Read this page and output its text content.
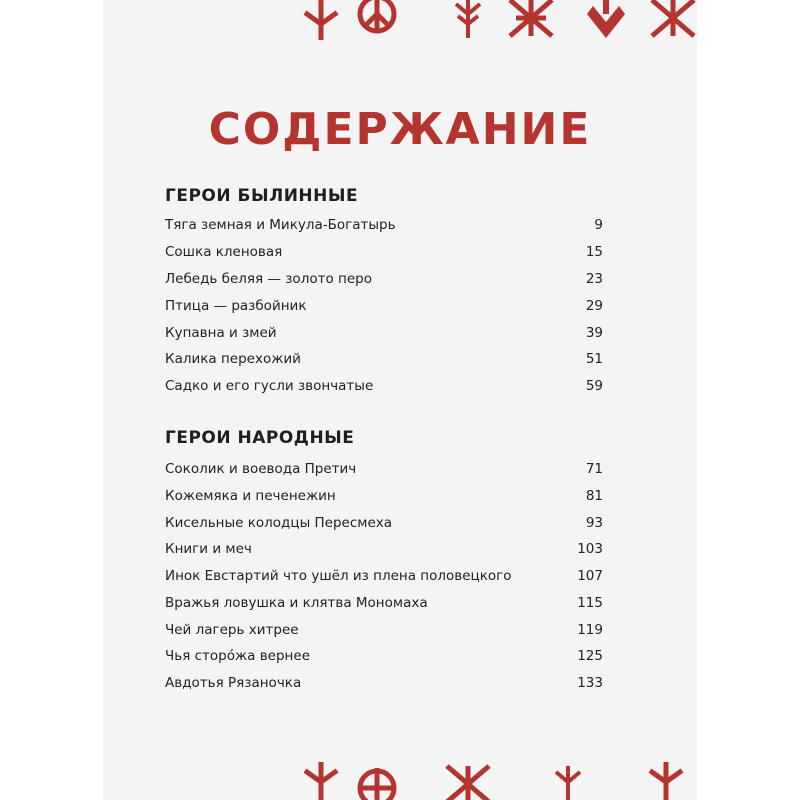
СОДЕРЖАНИЕ
ГЕРОИ БЫЛИННЫЕ
Тяга земная и Микула-Богатырь	9
Сошка кленовая	15
Лебедь беляя — золото перо	23
Птица — разбойник	29
Купавна и змей	39
Калика перехожий	51
Садко и его гусли звончатые	59
ГЕРОИ НАРОДНЫЕ
Соколик и воевода Претич	71
Кожемяка и печенежин	81
Кисельные колодцы Пересмеха	93
Книги и меч	103
Инок Евстартий что ушёл из плена половецкого	107
Вражья ловушка и клятва Мономаха	115
Чей лагерь хитрее	119
Чья сторо́жа вернее	125
Авдотья Рязаночка	133
